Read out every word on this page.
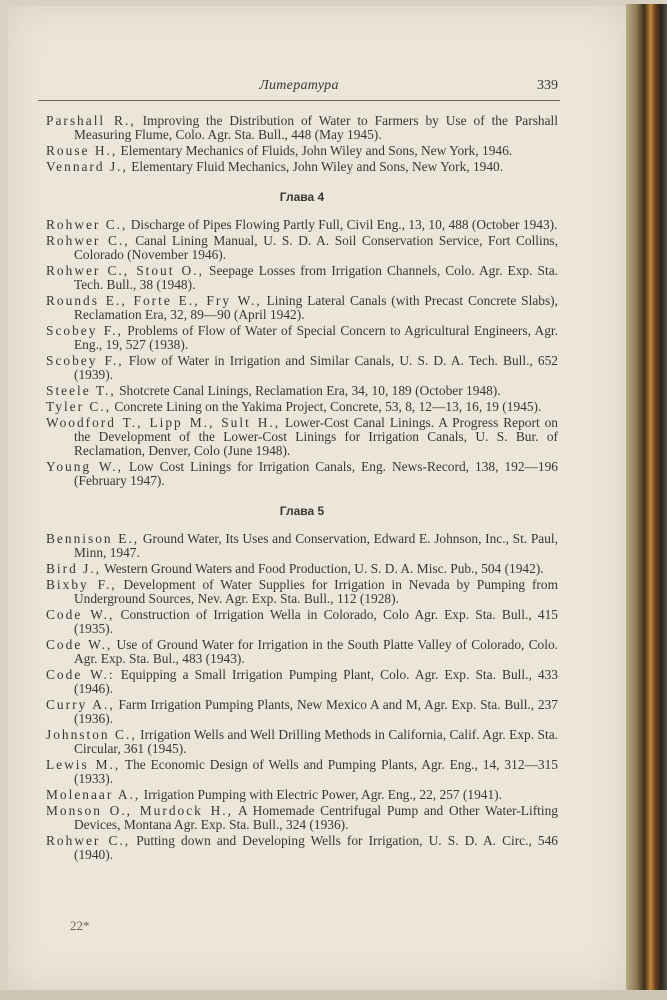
Литература	339

Parshall R., Improving the Distribution of Water to Farmers by Use of the Parshall Measuring Flume, Colo. Agr. Sta. Bull., 448 (May 1945).

Rouse H., Elementary Mechanics of Fluids, John Wiley and Sons, New York, 1946.

Vennard J., Elementary Fluid Mechanics, John Wiley and Sons, New York, 1940.

Глава 4

Rohwer C., Discharge of Pipes Flowing Partly Full, Civil Eng., 13, 10, 488 (October 1943).

Rohwer C., Canal Lining Manual, U. S. D. A. Soil Conservation Service, Fort Collins, Colorado (November 1946).

Rohwer C., Stout O., Seepage Losses from Irrigation Channels, Colo. Agr. Exp. Sta. Tech. Bull., 38 (1948).

Rounds E., Forte E., Fry W., Lining Lateral Canals (with Precast Concrete Slabs), Reclamation Era, 32, 89—90 (April 1942).

Scobey F., Problems of Flow of Water of Special Concern to Agricultural Engineers, Agr. Eng., 19, 527 (1938).

Scobey F., Flow of Water in Irrigation and Similar Canals, U. S. D. A. Tech. Bull., 652 (1939).

Steele T., Shotcrete Canal Linings, Reclamation Era, 34, 10, 189 (October 1948).

Tyler C., Concrete Lining on the Yakima Project, Concrete, 53, 8, 12—13, 16, 19 (1945).

Woodford T., Lipp M., Sult H., Lower-Cost Canal Linings. A Progress Report on the Development of the Lower-Cost Linings for Irrigation Canals, U. S. Bur. of Reclamation, Denver, Colo (June 1948).

Young W., Low Cost Linings for Irrigation Canals, Eng. News-Record, 138, 192—196 (February 1947).

Глава 5

Bennison E., Ground Water, Its Uses and Conservation, Edward E. Johnson, Inc., St. Paul, Minn, 1947.

Bird J., Western Ground Waters and Food Production, U. S. D. A. Misc. Pub., 504 (1942).

Bixby F., Development of Water Supplies for Irrigation in Nevada by Pumping from Underground Sources, Nev. Agr. Exp. Sta. Bull., 112 (1928).

Code W., Construction of Irrigation Wella in Colorado, Colo Agr. Exp. Sta. Bull., 415 (1935).

Code W., Use of Ground Water for Irrigation in the South Platte Valley of Colorado, Colo. Agr. Exp. Sta. Bul., 483 (1943).

Code W.: Equipping a Small Irrigation Pumping Plant, Colo. Agr. Exp. Sta. Bull., 433 (1946).

Curry A., Farm Irrigation Pumping Plants, New Mexico A and M, Agr. Exp. Sta. Bull., 237 (1936).

Johnston C., Irrigation Wells and Well Drilling Methods in California, Calif. Agr. Exp. Sta. Circular, 361 (1945).

Lewis M., The Economic Design of Wells and Pumping Plants, Agr. Eng., 14, 312—315 (1933).

Molenaar A., Irrigation Pumping with Electric Power, Agr. Eng., 22, 257 (1941).

Monson O., Murdock H., A Homemade Centrifugal Pump and Other Water-Lifting Devices, Montana Agr. Exp. Sta. Bull., 324 (1936).

Rohwer C., Putting down and Developing Wells for Irrigation, U. S. D. A. Circ., 546 (1940).

22*
